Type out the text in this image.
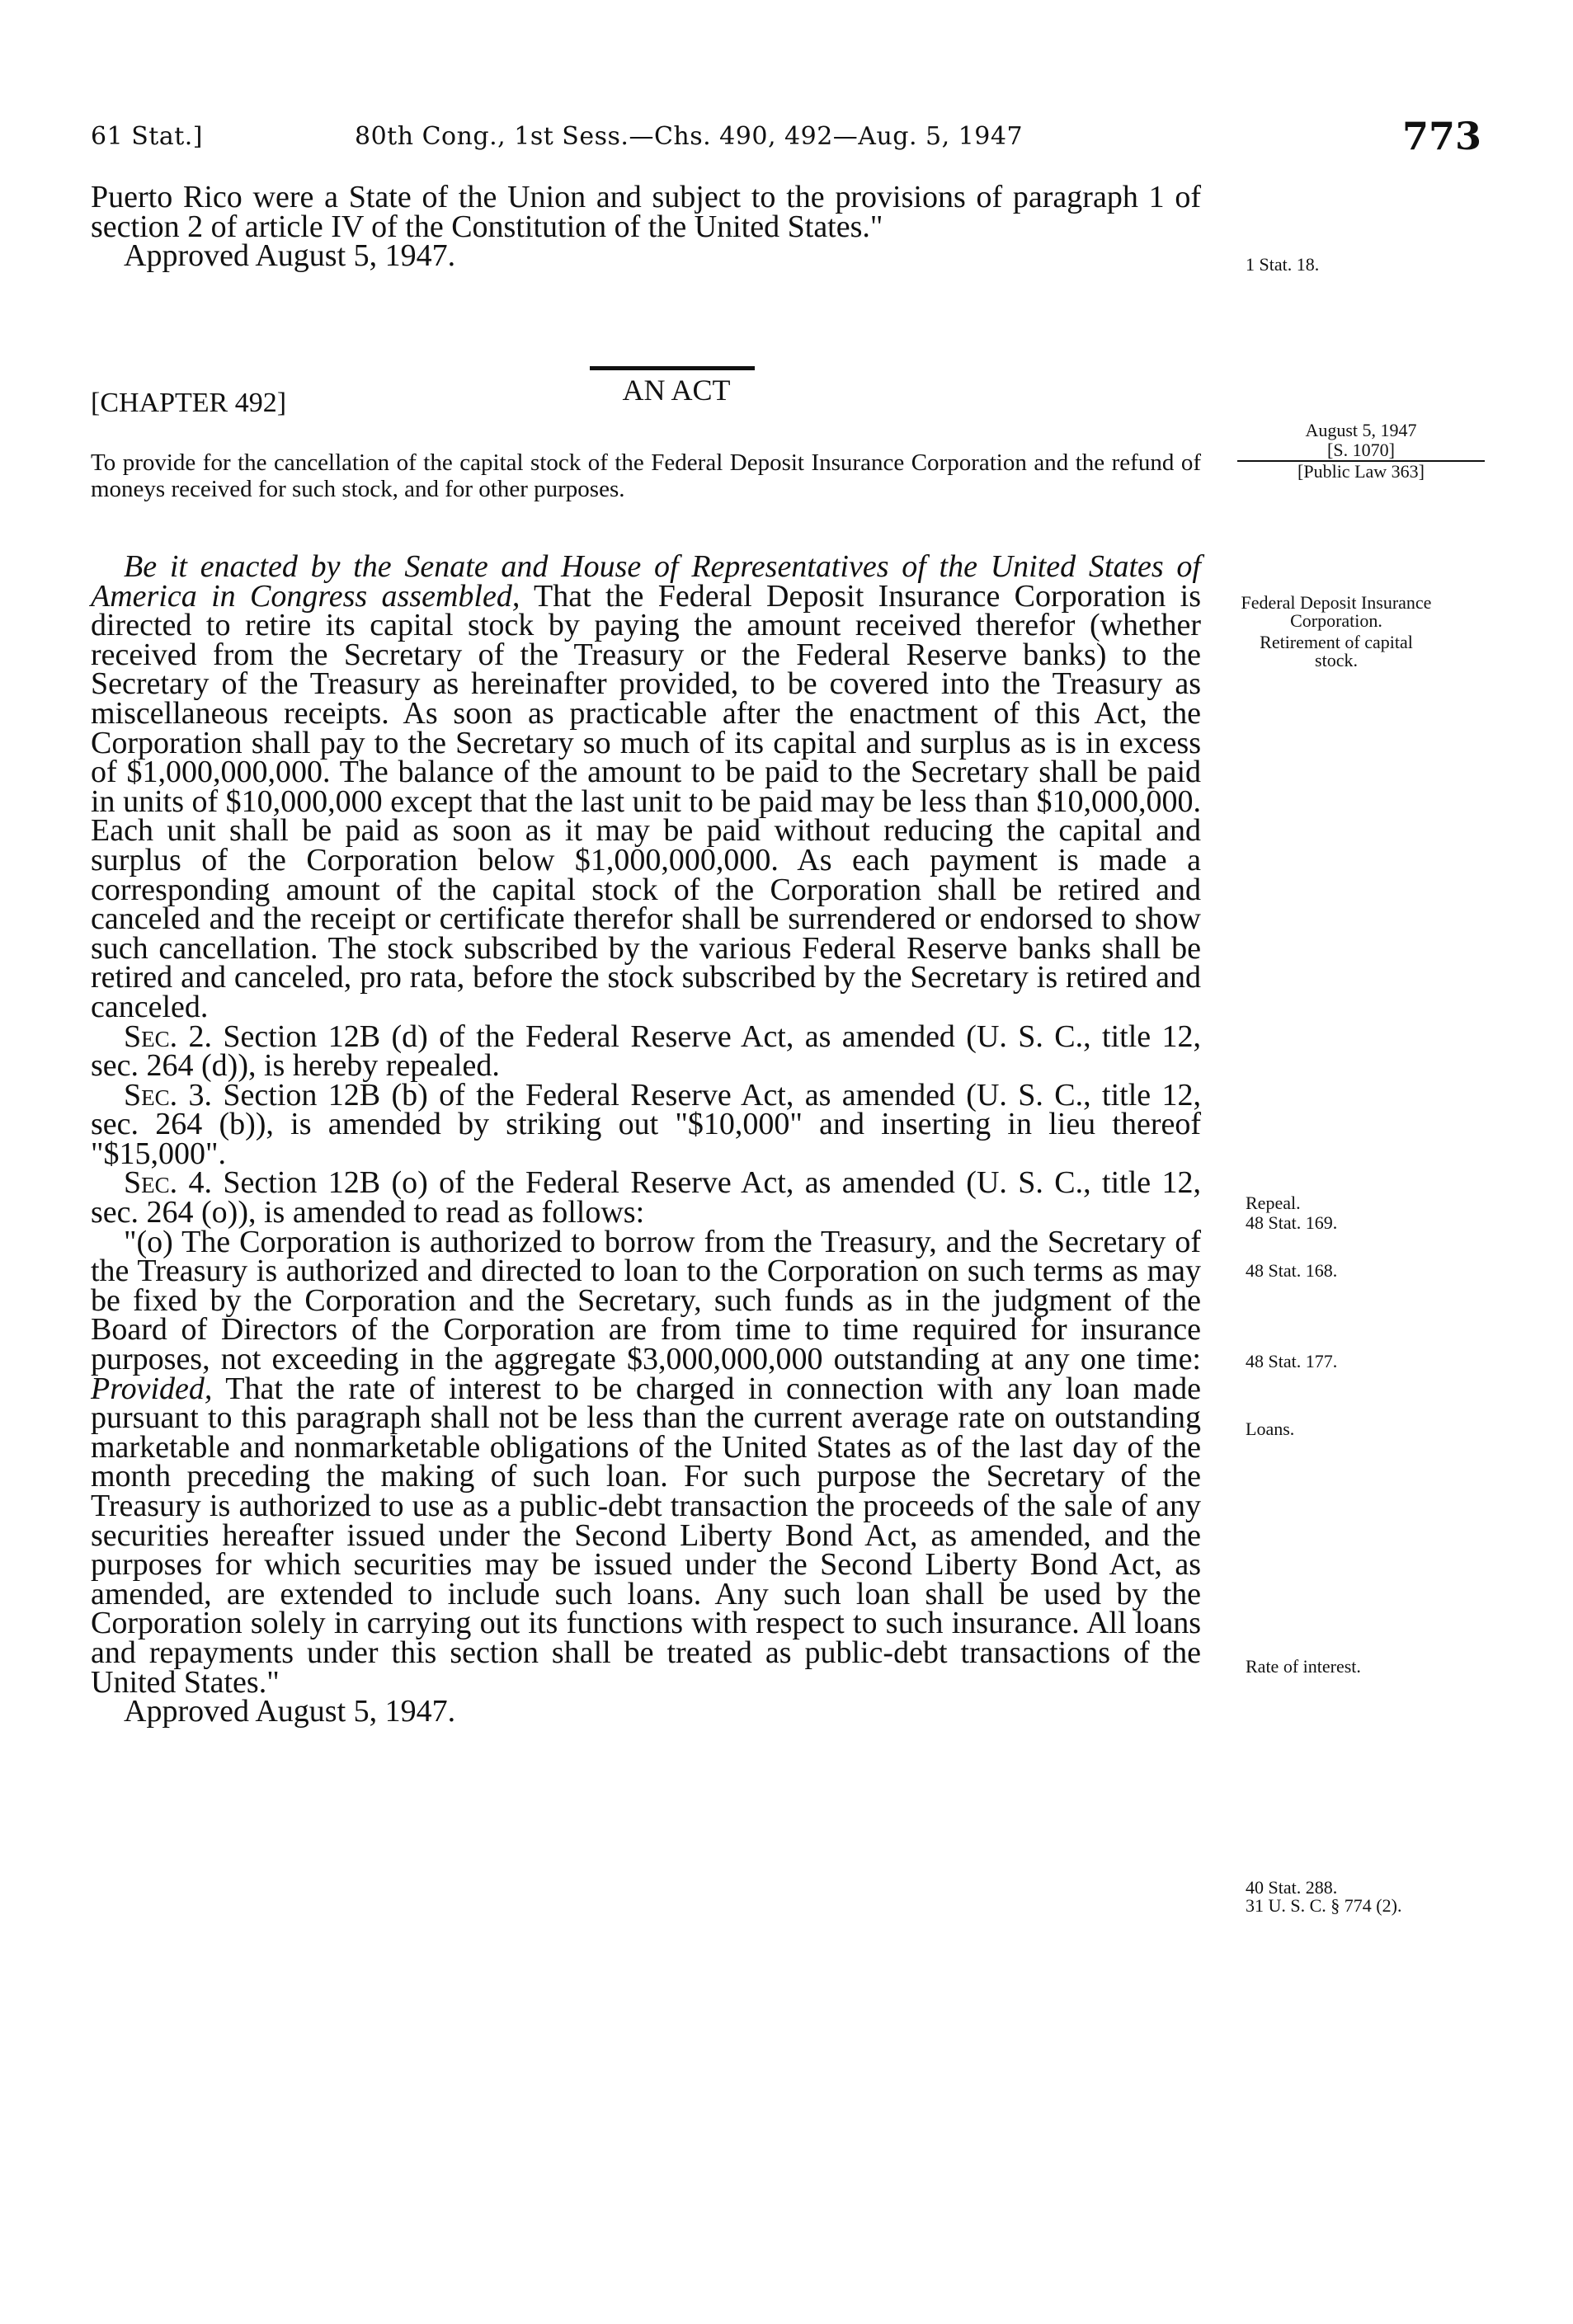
61 Stat.]	80th Cong., 1st Sess.—Chs. 490, 492—Aug. 5, 1947	773

Puerto Rico were a State of the Union and subject to the provisions of paragraph 1 of section 2 of article IV of the Constitution of the United States."

Approved August 5, 1947.

[CHAPTER 492]	AN ACT
To provide for the cancellation of the capital stock of the Federal Deposit Insurance Corporation and the refund of moneys received for such stock, and for other purposes.
August 5, 1947
[S. 1070]
[Public Law 363]
1 Stat. 18.
Federal Deposit Insurance Corporation.
Retirement of capital stock.
Repeal.
48 Stat. 169.
48 Stat. 168.
48 Stat. 177.
Loans.
Rate of interest.
40 Stat. 288.
31 U. S. C. § 774 (2).

Be it enacted by the Senate and House of Representatives of the United States of America in Congress assembled, That the Federal Deposit Insurance Corporation is directed to retire its capital stock by paying the amount received therefor (whether received from the Secretary of the Treasury or the Federal Reserve banks) to the Secretary of the Treasury as hereinafter provided, to be covered into the Treasury as miscellaneous receipts. As soon as practicable after the enactment of this Act, the Corporation shall pay to the Secretary so much of its capital and surplus as is in excess of $1,000,000,000. The balance of the amount to be paid to the Secretary shall be paid in units of $10,000,000 except that the last unit to be paid may be less than $10,000,000. Each unit shall be paid as soon as it may be paid without reducing the capital and surplus of the Corporation below $1,000,000,000. As each payment is made a corresponding amount of the capital stock of the Corporation shall be retired and canceled and the receipt or certificate therefor shall be surrendered or endorsed to show such cancellation. The stock subscribed by the various Federal Reserve banks shall be retired and canceled, pro rata, before the stock subscribed by the Secretary is retired and canceled.

Sec. 2. Section 12B (d) of the Federal Reserve Act, as amended (U. S. C., title 12, sec. 264 (d)), is hereby repealed.

Sec. 3. Section 12B (b) of the Federal Reserve Act, as amended (U. S. C., title 12, sec. 264 (b)), is amended by striking out "$10,000" and inserting in lieu thereof "$15,000".

Sec. 4. Section 12B (o) of the Federal Reserve Act, as amended (U. S. C., title 12, sec. 264 (o)), is amended to read as follows:

"(o) The Corporation is authorized to borrow from the Treasury, and the Secretary of the Treasury is authorized and directed to loan to the Corporation on such terms as may be fixed by the Corporation and the Secretary, such funds as in the judgment of the Board of Directors of the Corporation are from time to time required for insurance purposes, not exceeding in the aggregate $3,000,000,000 outstanding at any one time: Provided, That the rate of interest to be charged in connection with any loan made pursuant to this paragraph shall not be less than the current average rate on outstanding marketable and nonmarketable obligations of the United States as of the last day of the month preceding the making of such loan. For such purpose the Secretary of the Treasury is authorized to use as a public-debt transaction the proceeds of the sale of any securities hereafter issued under the Second Liberty Bond Act, as amended, and the purposes for which securities may be issued under the Second Liberty Bond Act, as amended, are extended to include such loans. Any such loan shall be used by the Corporation solely in carrying out its functions with respect to such insurance. All loans and repayments under this section shall be treated as public-debt transactions of the United States."

Approved August 5, 1947.
